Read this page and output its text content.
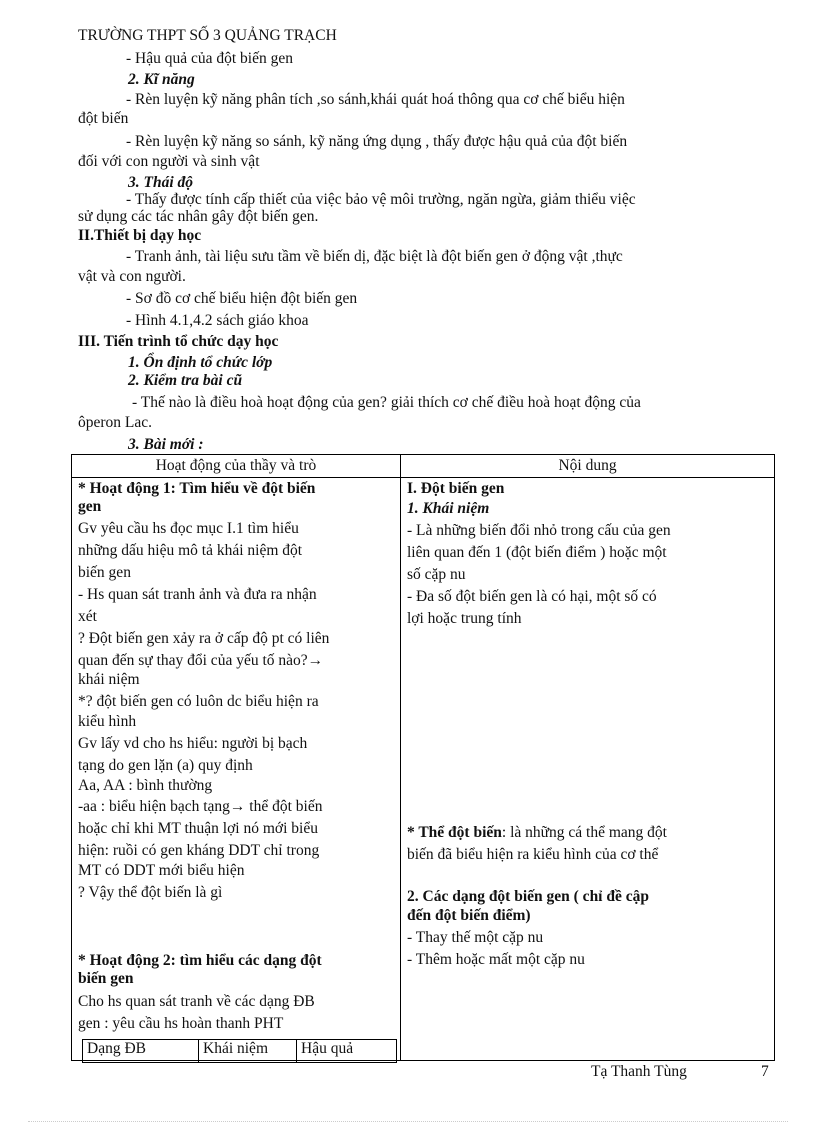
TRƯỜNG THPT SỐ 3 QUẢNG TRẠCH
- Hậu quả của đột biến gen
2. Kĩ năng
- Rèn luyện kỹ năng phân tích ,so sánh,khái quát hoá thông qua cơ chế biểu hiện
đột biến
- Rèn luyện kỹ năng so sánh, kỹ năng ứng dụng , thấy được hậu quả của đột biến
đối với con người và sinh vật
3. Thái độ
- Thấy được tính cấp thiết của việc bảo vệ môi trường, ngăn ngừa, giảm thiểu việc
sử dụng các tác nhân gây đột biến gen.
II.Thiết bị dạy học
- Tranh ảnh, tài liệu sưu tầm về biến dị, đặc biệt là đột biến gen ở động vật ,thực
vật và con người.
- Sơ đồ cơ chế biểu hiện đột biến gen
- Hình 4.1,4.2 sách giáo khoa
III. Tiến trình tổ chức dạy học
1. Ổn định tổ chức lớp
2. Kiểm tra bài cũ
- Thế nào là điều hoà hoạt động của gen? giải thích cơ chế điều hoà hoạt động của
ôperon Lac.
3. Bài mới :
Hoạt động của thầy và trò	Nội dung

* Hoạt động 1: Tìm hiểu về đột biến
gen
Gv yêu cầu hs đọc mục I.1 tìm hiểu
những dấu hiệu mô tả khái niệm đột
biến gen
- Hs quan sát tranh ảnh và đưa ra nhận
xét
? Đột biến gen xảy ra ở cấp độ pt có liên
quan đến sự thay đổi của yếu tố nào?→
khái niệm
*? đột biến gen có luôn dc biểu hiện ra
kiểu hình
Gv lấy vd cho hs hiểu: người bị bạch
tạng do gen lặn (a) quy định
Aa, AA : bình thường
-aa : biểu hiện bạch tạng→ thể đột biến
hoặc chỉ khi MT thuận lợi nó mới biểu
hiện: ruồi có gen kháng DDT chỉ trong
MT có DDT mới biểu hiện
? Vậy thể đột biến là gì
* Hoạt động 2: tìm hiểu các dạng đột
biến gen
Cho hs quan sát tranh về các dạng ĐB
gen : yêu cầu hs hoàn thanh PHT
Dạng ĐB	Khái niệm	Hậu quả

I. Đột biến gen
1. Khái niệm
- Là những biến đổi nhỏ trong cấu của gen
liên quan đến 1 (đột biến điểm ) hoặc một
số cặp nu
- Đa số đột biến gen là có hại, một số có
lợi hoặc trung tính
* Thể đột biến: là những cá thể mang đột
biến đã biểu hiện ra kiểu hình của cơ thể
2. Các dạng đột biến gen ( chỉ đề cập
đến đột biến điểm)
- Thay thế một cặp nu
- Thêm hoặc mất một cặp nu
Tạ Thanh Tùng	7
